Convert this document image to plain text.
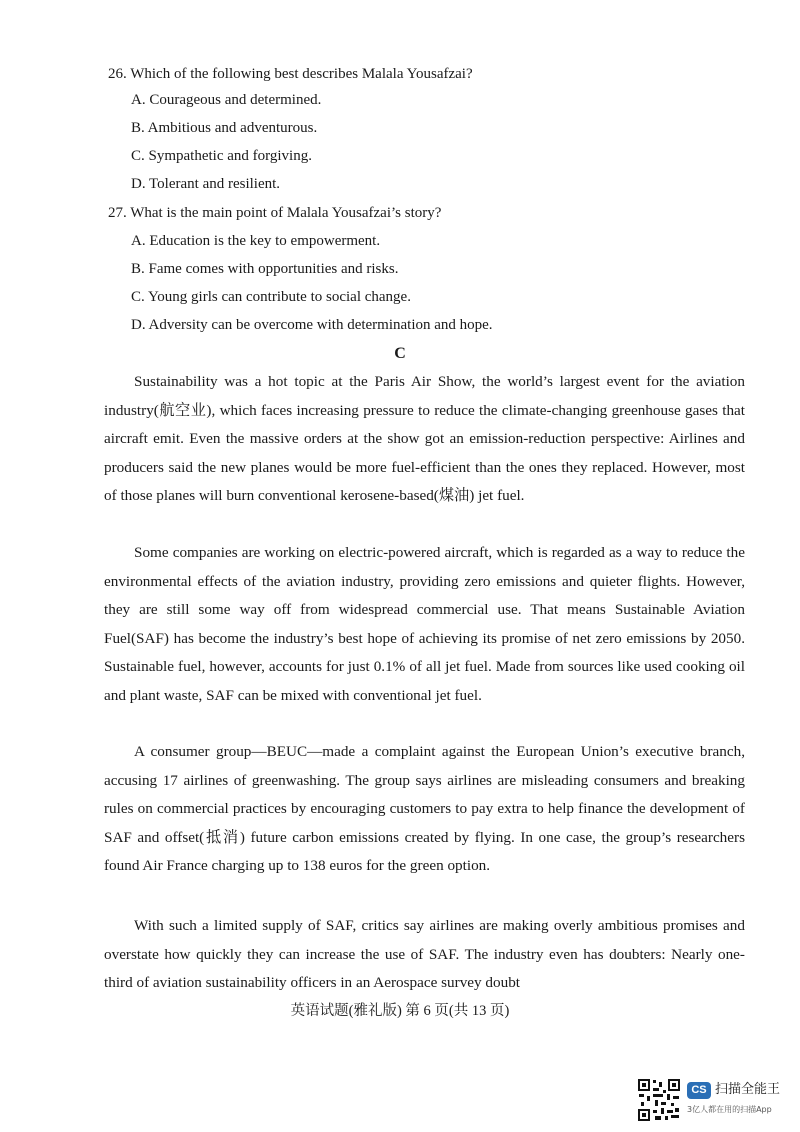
26. Which of the following best describes Malala Yousafzai?
A. Courageous and determined.
B. Ambitious and adventurous.
C. Sympathetic and forgiving.
D. Tolerant and resilient.
27. What is the main point of Malala Yousafzai’s story?
A. Education is the key to empowerment.
B. Fame comes with opportunities and risks.
C. Young girls can contribute to social change.
D. Adversity can be overcome with determination and hope.
C

Sustainability was a hot topic at the Paris Air Show, the world’s largest event for the aviation industry(航空业), which faces increasing pressure to reduce the climate-changing greenhouse gases that aircraft emit. Even the massive orders at the show got an emission-reduction perspective: Airlines and producers said the new planes would be more fuel-efficient than the ones they replaced. However, most of those planes will burn conventional kerosene-based(煤油) jet fuel.

Some companies are working on electric-powered aircraft, which is regarded as a way to reduce the environmental effects of the aviation industry, providing zero emissions and quieter flights. However, they are still some way off from widespread commercial use. That means Sustainable Aviation Fuel(SAF) has become the industry’s best hope of achieving its promise of net zero emissions by 2050. Sustainable fuel, however, accounts for just 0.1% of all jet fuel. Made from sources like used cooking oil and plant waste, SAF can be mixed with conventional jet fuel.

A consumer group—BEUC—made a complaint against the European Union’s executive branch, accusing 17 airlines of greenwashing. The group says airlines are misleading consumers and breaking rules on commercial practices by encouraging customers to pay extra to help finance the development of SAF and offset(抵消) future carbon emissions created by flying. In one case, the group’s researchers found Air France charging up to 138 euros for the green option.

With such a limited supply of SAF, critics say airlines are making overly ambitious promises and overstate how quickly they can increase the use of SAF. The industry even has doubters: Nearly one-third of aviation sustainability officers in an Aerospace survey doubt

英语试题(雅礼版) 第 6 页(共 13 页)
CS 扫描全能王
3亿人都在用的扫描App
